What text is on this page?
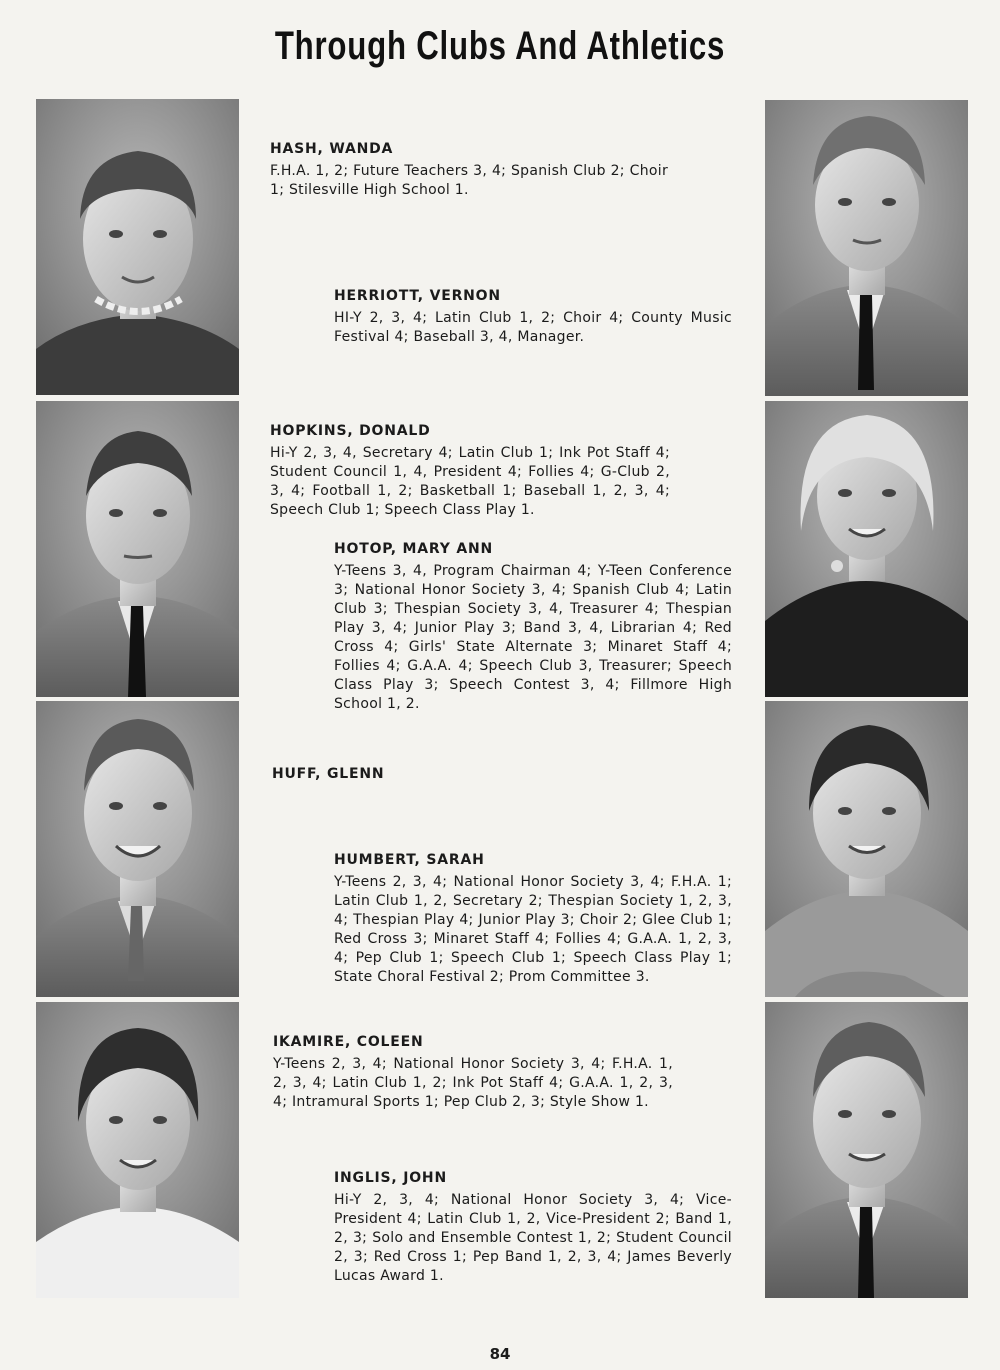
Through Clubs And Athletics
HASH, WANDA
F.H.A. 1, 2; Future Teachers 3, 4; Spanish Club 2; Choir 1; Stilesville High School 1.
HERRIOTT, VERNON
HI-Y 2, 3, 4; Latin Club 1, 2; Choir 4; County Music Festival 4; Baseball 3, 4, Manager.
HOPKINS, DONALD
Hi-Y 2, 3, 4, Secretary 4; Latin Club 1; Ink Pot Staff 4; Student Council 1, 4, President 4; Follies 4; G-Club 2, 3, 4; Football 1, 2; Basketball 1; Baseball 1, 2, 3, 4; Speech Club 1; Speech Class Play 1.
HOTOP, MARY ANN
Y-Teens 3, 4, Program Chairman 4; Y-Teen Conference 3; National Honor Society 3, 4; Spanish Club 4; Latin Club 3; Thespian Society 3, 4, Treasurer 4; Thespian Play 3, 4; Junior Play 3; Band 3, 4, Librarian 4; Red Cross 4; Girls' State Alternate 3; Minaret Staff 4; Follies 4; G.A.A. 4; Speech Club 3, Treasurer; Speech Class Play 3; Speech Contest 3, 4; Fillmore High School 1, 2.
HUFF, GLENN
HUMBERT, SARAH
Y-Teens 2, 3, 4; National Honor Society 3, 4; F.H.A. 1; Latin Club 1, 2, Secretary 2; Thespian Society 1, 2, 3, 4; Thespian Play 4; Junior Play 3; Choir 2; Glee Club 1; Red Cross 3; Minaret Staff 4; Follies 4; G.A.A. 1, 2, 3, 4; Pep Club 1; Speech Club 1; Speech Class Play 1; State Choral Festival 2; Prom Committee 3.
IKAMIRE, COLEEN
Y-Teens 2, 3, 4; National Honor Society 3, 4; F.H.A. 1, 2, 3, 4; Latin Club 1, 2; Ink Pot Staff 4; G.A.A. 1, 2, 3, 4; Intramural Sports 1; Pep Club 2, 3; Style Show 1.
INGLIS, JOHN
Hi-Y 2, 3, 4; National Honor Society 3, 4; Vice-President 4; Latin Club 1, 2, Vice-President 2; Band 1, 2, 3; Solo and Ensemble Contest 1, 2; Student Council 2, 3; Red Cross 1; Pep Band 1, 2, 3, 4; James Beverly Lucas Award 1.
84
